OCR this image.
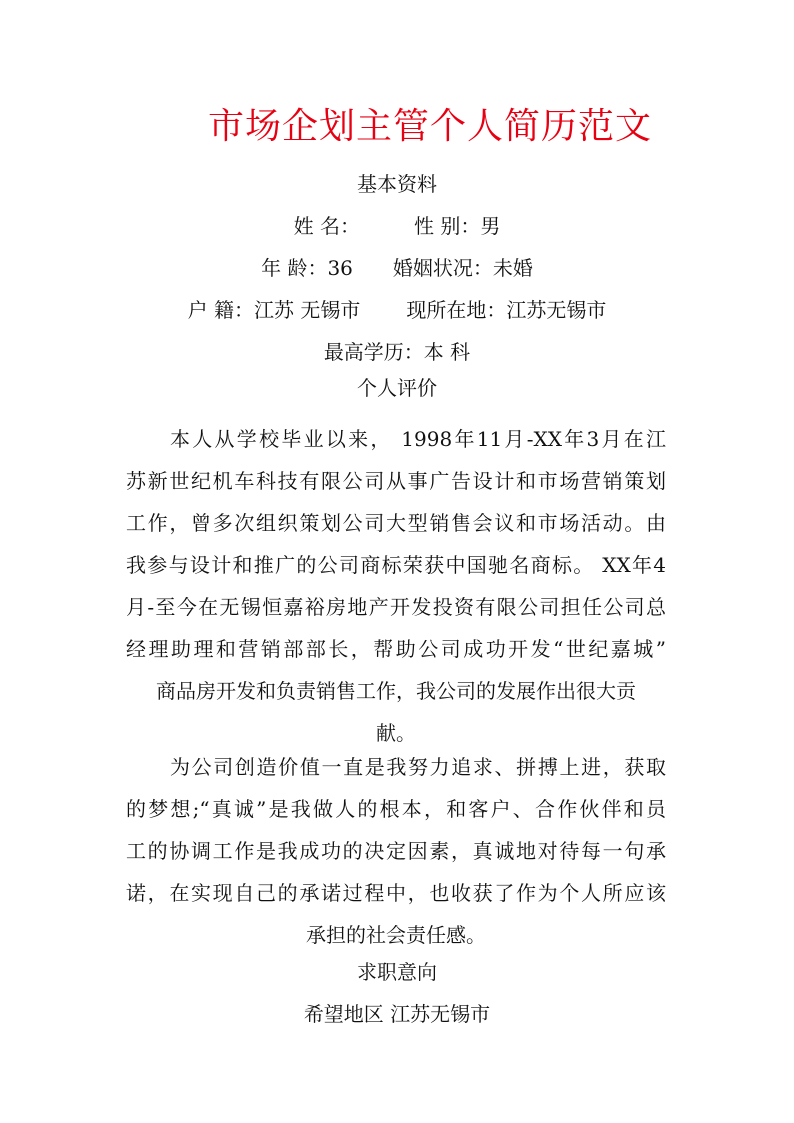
市场企划主管个人简历范文
基本资料
姓 名：	性 别：男
年 龄：36 婚姻状况：未婚
户 籍：江苏 无锡市 现所在地：江苏无锡市
最高学历：本 科
个人评价
本人从学校毕业以来， 1998年11月-XX年3月在江
苏新世纪机车科技有限公司从事广告设计和市场营销策划
工作，曾多次组织策划公司大型销售会议和市场活动。由
我参与设计和推广的公司商标荣获中国驰名商标。 XX年4
月-至今在无锡恒嘉裕房地产开发投资有限公司担任公司总
经理助理和营销部部长，帮助公司成功开发“世纪嘉城”
商品房开发和负责销售工作，我公司的发展作出很大贡
献。
为公司创造价值一直是我努力追求、拼搏上进，获取
的梦想;“真诚”是我做人的根本，和客户、合作伙伴和员
工的协调工作是我成功的决定因素，真诚地对待每一句承
诺，在实现自己的承诺过程中，也收获了作为个人所应该
承担的社会责任感。
求职意向
希望地区 江苏无锡市
